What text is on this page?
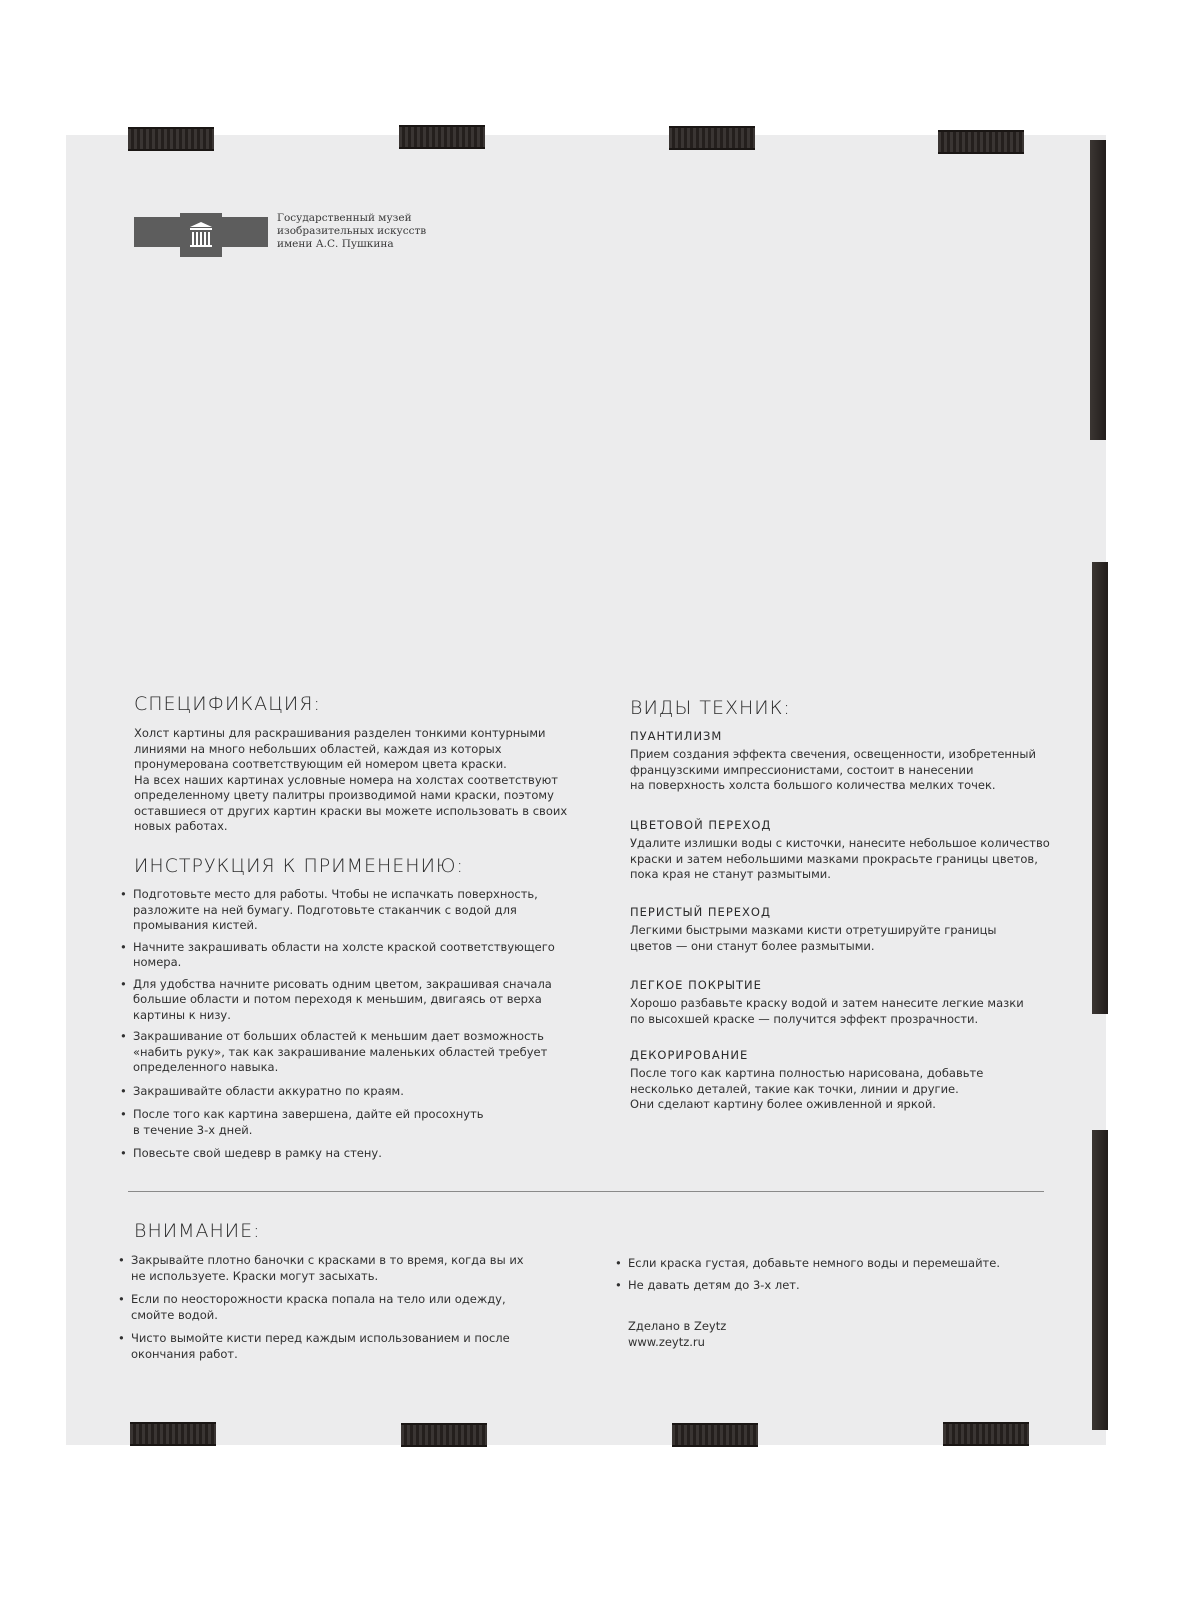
Государственный музей
изобразительных искусств
имени А.С. Пушкина
СПЕЦИФИКАЦИЯ:
Холст картины для раскрашивания разделен тонкими контурными
линиями на много небольших областей, каждая из которых
пронумерована соответствующим ей номером цвета краски.
На всех наших картинах условные номера на холстах соответствуют
определенному цвету палитры производимой нами краски, поэтому
оставшиеся от других картин краски вы можете использовать в своих
новых работах.
ИНСТРУКЦИЯ К ПРИМЕНЕНИЮ:
• Подготовьте место для работы. Чтобы не испачкать поверхность,
разложите на ней бумагу. Подготовьте стаканчик с водой для
промывания кистей.
• Начните закрашивать области на холсте краской соответствующего
номера.
• Для удобства начните рисовать одним цветом, закрашивая сначала
большие области и потом переходя к меньшим, двигаясь от верха
картины к низу.
• Закрашивание от больших областей к меньшим дает возможность
«набить руку», так как закрашивание маленьких областей требует
определенного навыка.
• Закрашивайте области аккуратно по краям.
• После того как картина завершена, дайте ей просохнуть
в течение 3-х дней.
• Повесьте свой шедевр в рамку на стену.
ВИДЫ ТЕХНИК:
ПУАНТИЛИЗМ
Прием создания эффекта свечения, освещенности, изобретенный
французскими импрессионистами, состоит в нанесении
на поверхность холста большого количества мелких точек.
ЦВЕТОВОЙ ПЕРЕХОД
Удалите излишки воды с кисточки, нанесите небольшое количество
краски и затем небольшими мазками прокрасьте границы цветов,
пока края не станут размытыми.
ПЕРИСТЫЙ ПЕРЕХОД
Легкими быстрыми мазками кисти отретушируйте границы
цветов — они станут более размытыми.
ЛЕГКОЕ ПОКРЫТИЕ
Хорошо разбавьте краску водой и затем нанесите легкие мазки
по высохшей краске — получится эффект прозрачности.
ДЕКОРИРОВАНИЕ
После того как картина полностью нарисована, добавьте
несколько деталей, такие как точки, линии и другие.
Они сделают картину более оживленной и яркой.
ВНИМАНИЕ:
• Закрывайте плотно баночки с красками в то время, когда вы их
не используете. Краски могут засыхать.
• Если по неосторожности краска попала на тело или одежду,
смойте водой.
• Чисто вымойте кисти перед каждым использованием и после
окончания работ.
• Если краска густая, добавьте немного воды и перемешайте.
• Не давать детям до 3-х лет.
Zделано в Zeytz
www.zeytz.ru
